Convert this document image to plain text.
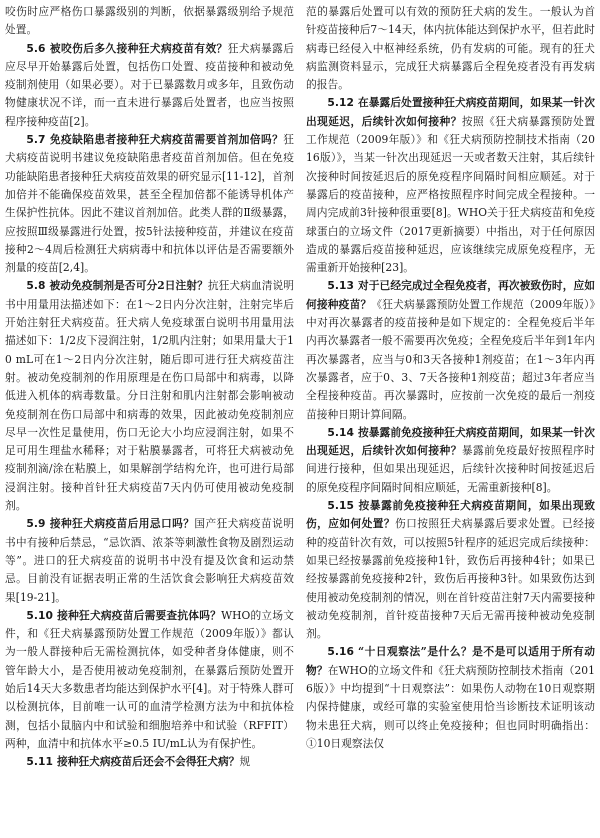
咬伤时应严格伤口暴露级别的判断，依据暴露级别给予规范处置。

5.6 被咬伤后多久接种狂犬病疫苗有效？狂犬病暴露后应尽早开始暴露后处置，包括伤口处置、疫苗接种和被动免疫制剂使用（如果必要）。对于已暴露数月或多年，且致伤动物健康状况不详，而一直未进行暴露后处置者，也应当按照程序接种疫苗[2]。

5.7 免疫缺陷患者接种狂犬病疫苗需要首剂加倍吗？狂犬病疫苗说明书建议免疫缺陷患者疫苗首剂加倍。但在免疫功能缺陷患者接种狂犬病疫苗效果的研究显示[11-12]，首剂加倍并不能确保疫苗效果，甚至全程加倍都不能诱导机体产生保护性抗体。因此不建议首剂加倍。此类人群的Ⅱ级暴露，应按照Ⅲ级暴露进行处置，按5针法接种疫苗，并建议在疫苗接种2～4周后检测狂犬病病毒中和抗体以评估是否需要额外剂量的疫苗[2,4]。

5.8 被动免疫制剂是否可分2日注射？抗狂犬病血清说明书中用量用法描述如下：在1～2日内分次注射，注射完毕后开始注射狂犬病疫苗。狂犬病人免疫球蛋白说明书用量用法描述如下：1/2皮下浸润注射，1/2肌内注射；如果用量大于10 mL可在1～2日内分次注射，随后即可进行狂犬病疫苗注射。被动免疫制剂的作用原理是在伤口局部中和病毒，以降低进入机体的病毒数量。分日注射和肌内注射都会影响被动免疫制剂在伤口局部中和病毒的效果，因此被动免疫制剂应尽早一次性足量使用，伤口无论大小均应浸润注射，如果不足可用生理盐水稀释；对于粘膜暴露者，可将狂犬病被动免疫制剂滴/涂在粘膜上，如果解剖学结构允许，也可进行局部浸润注射。接种首针狂犬病疫苗7天内仍可使用被动免疫制剂。

5.9 接种狂犬病疫苗后用忌口吗？国产狂犬病疫苗说明书中有接种后禁忌，“忌饮酒、浓茶等刺激性食物及剧烈运动等”。进口的狂犬病疫苗的说明书中没有提及饮食和运动禁忌。目前没有证据表明正常的生活饮食会影响狂犬病疫苗效果[19-21]。

5.10 接种狂犬病疫苗后需要查抗体吗？WHO的立场文件，和《狂犬病暴露预防处置工作规范（2009年版）》都认为一般人群接种后无需检测抗体，如受种者身体健康，则不管年龄大小，是否使用被动免疫制剂，在暴露后预防处置开始后14天大多数患者均能达到保护水平[4]。对于特殊人群可以检测抗体，目前唯一认可的血清学检测方法为中和抗体检测，包括小鼠脑内中和试验和细胞培养中和试验（RFFIT）两种，血清中和抗体水平≥0.5 IU/mL认为有保护性。

5.11 接种狂犬病疫苗后还会不会得狂犬病？规

范的暴露后处置可以有效的预防狂犬病的发生。一般认为首针疫苗接种后7～14天，体内抗体能达到保护水平，但若此时病毒已经侵入中枢神经系统，仍有发病的可能。现有的狂犬病监测资料显示，完成狂犬病暴露后全程免疫者没有再发病的报告。

5.12 在暴露后处置接种狂犬病疫苗期间，如果某一针次出现延迟，后续针次如何接种？按照《狂犬病暴露预防处置工作规范（2009年版）》和《狂犬病预防控制技术指南（2016版）》，当某一针次出现延迟一天或者数天注射，其后续针次接种时间按延迟后的原免疫程序间隔时间相应顺延。对于暴露后的疫苗接种，应严格按照程序时间完成全程接种。一周内完成前3针接种很重要[8]。WHO关于狂犬病疫苗和免疫球蛋白的立场文件（2017更新摘要）中指出，对于任何原因造成的暴露后疫苗接种延迟，应该继续完成原免疫程序，无需重新开始接种[23]。

5.13 对于已经完成过全程免疫者，再次被致伤时，应如何接种疫苗？《狂犬病暴露预防处置工作规范（2009年版）》中对再次暴露者的疫苗接种是如下规定的：全程免疫后半年内再次暴露者一般不需要再次免疫；全程免疫后半年到1年内再次暴露者，应当与0和3天各接种1剂疫苗；在1～3年内再次暴露者，应于0、3、7天各接种1剂疫苗；超过3年者应当全程接种疫苗。再次暴露时，应按前一次免疫的最后一剂疫苗接种日期计算间隔。

5.14 按暴露前免疫接种狂犬病疫苗期间，如果某一针次出现延迟，后续针次如何接种？暴露前免疫最好按照程序时间进行接种，但如果出现延迟，后续针次接种时间按延迟后的原免疫程序间隔时间相应顺延，无需重新接种[8]。

5.15 按暴露前免疫接种狂犬病疫苗期间，如果出现致伤，应如何处置？伤口按照狂犬病暴露后要求处置。已经接种的疫苗针次有效，可以按照5针程序的延迟完成后续接种：如果已经按暴露前免疫接种1针，致伤后再接种4针；如果已经按暴露前免疫接种2针，致伤后再接种3针。如果致伤达到使用被动免疫制剂的情况，则在首针疫苗注射7天内需要接种被动免疫制剂，首针疫苗接种7天后无需再接种被动免疫制剂。

5.16 “十日观察法”是什么？是不是可以适用于所有动物？在WHO的立场文件和《狂犬病预防控制技术指南（2016版）》中均提到“十日观察法”：如果伤人动物在10日观察期内保持健康，或经可靠的实验室使用恰当诊断技术证明该动物未患狂犬病，则可以终止免疫接种；但也同时明确指出：①10日观察法仅
